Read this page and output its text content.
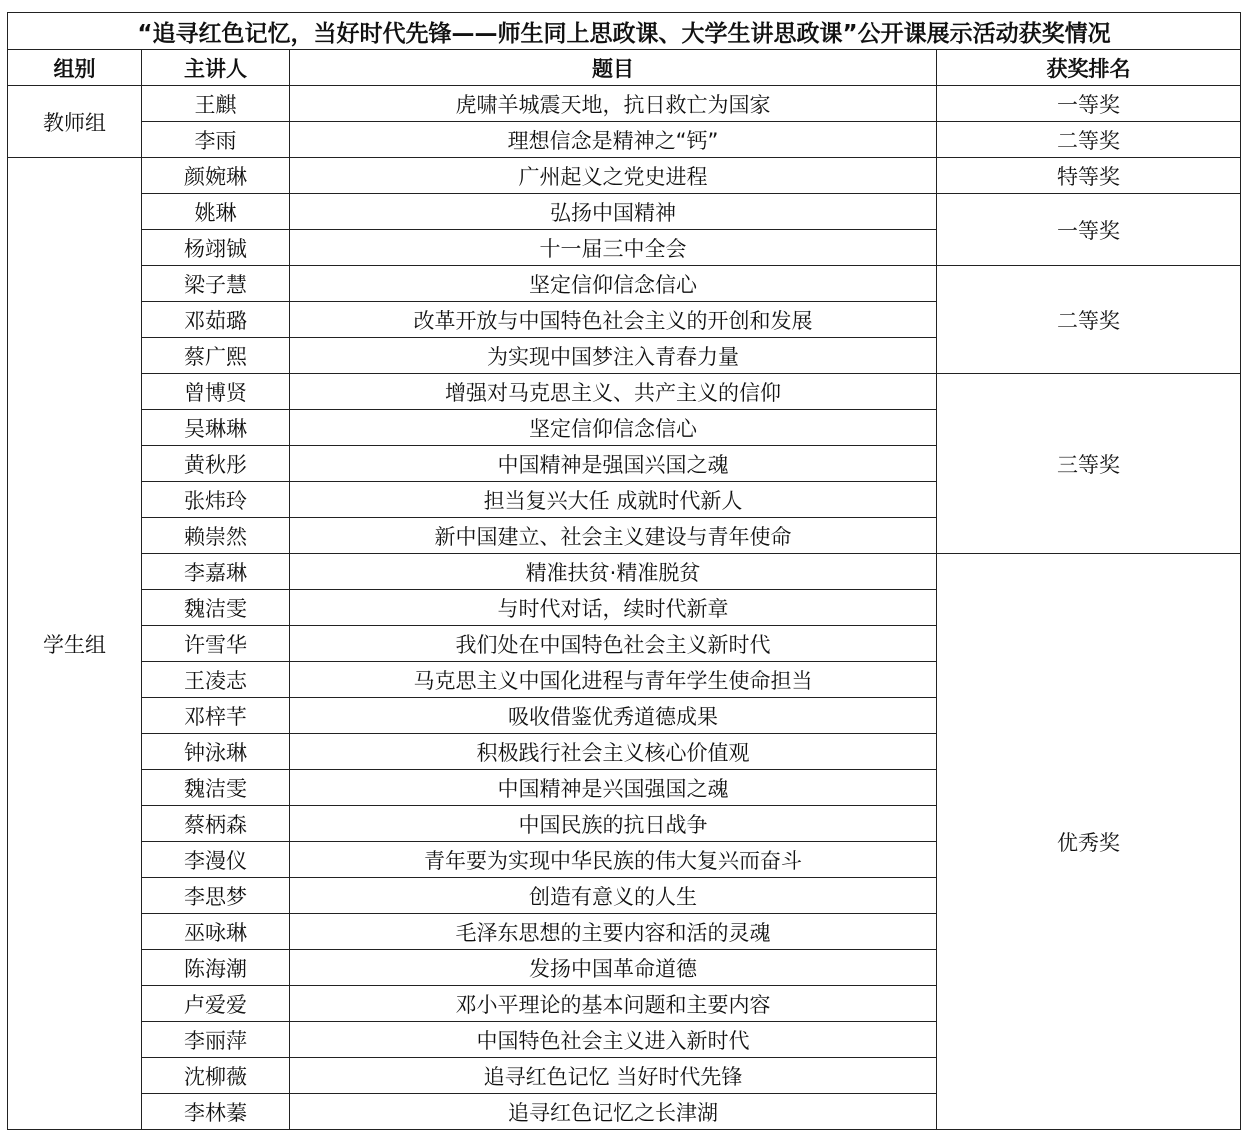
“追寻红色记忆，当好时代先锋——师生同上思政课、大学生讲思政课”公开课展示活动获奖情况			
组别	主讲人	题目	获奖排名
教师组	王麒	虎啸羊城震天地，抗日救亡为国家	一等奖
	李雨	理想信念是精神之“钙”	二等奖
学生组	颜婉琳	广州起义之党史进程	特等奖
	姚琳	弘扬中国精神	一等奖
	杨翊铖	十一届三中全会	
	梁子慧	坚定信仰信念信心	二等奖
	邓茹璐	改革开放与中国特色社会主义的开创和发展	
	蔡广熙	为实现中国梦注入青春力量	
	曾博贤	增强对马克思主义、共产主义的信仰	三等奖
	吴琳琳	坚定信仰信念信心	
	黄秋彤	中国精神是强国兴国之魂	
	张炜玲	担当复兴大任 成就时代新人	
	赖崇然	新中国建立、社会主义建设与青年使命	
	李嘉琳	精准扶贫·精准脱贫	优秀奖
	魏洁雯	与时代对话，续时代新章	
	许雪华	我们处在中国特色社会主义新时代	
	王凌志	马克思主义中国化进程与青年学生使命担当	
	邓梓芊	吸收借鉴优秀道德成果	
	钟泳琳	积极践行社会主义核心价值观	
	魏洁雯	中国精神是兴国强国之魂	
	蔡柄森	中国民族的抗日战争	
	李漫仪	青年要为实现中华民族的伟大复兴而奋斗	
	李思梦	创造有意义的人生	
	巫咏琳	毛泽东思想的主要内容和活的灵魂	
	陈海潮	发扬中国革命道德	
	卢爱爱	邓小平理论的基本问题和主要内容	
	李丽萍	中国特色社会主义进入新时代	
	沈柳薇	追寻红色记忆 当好时代先锋	
	李林蓁	追寻红色记忆之长津湖	
